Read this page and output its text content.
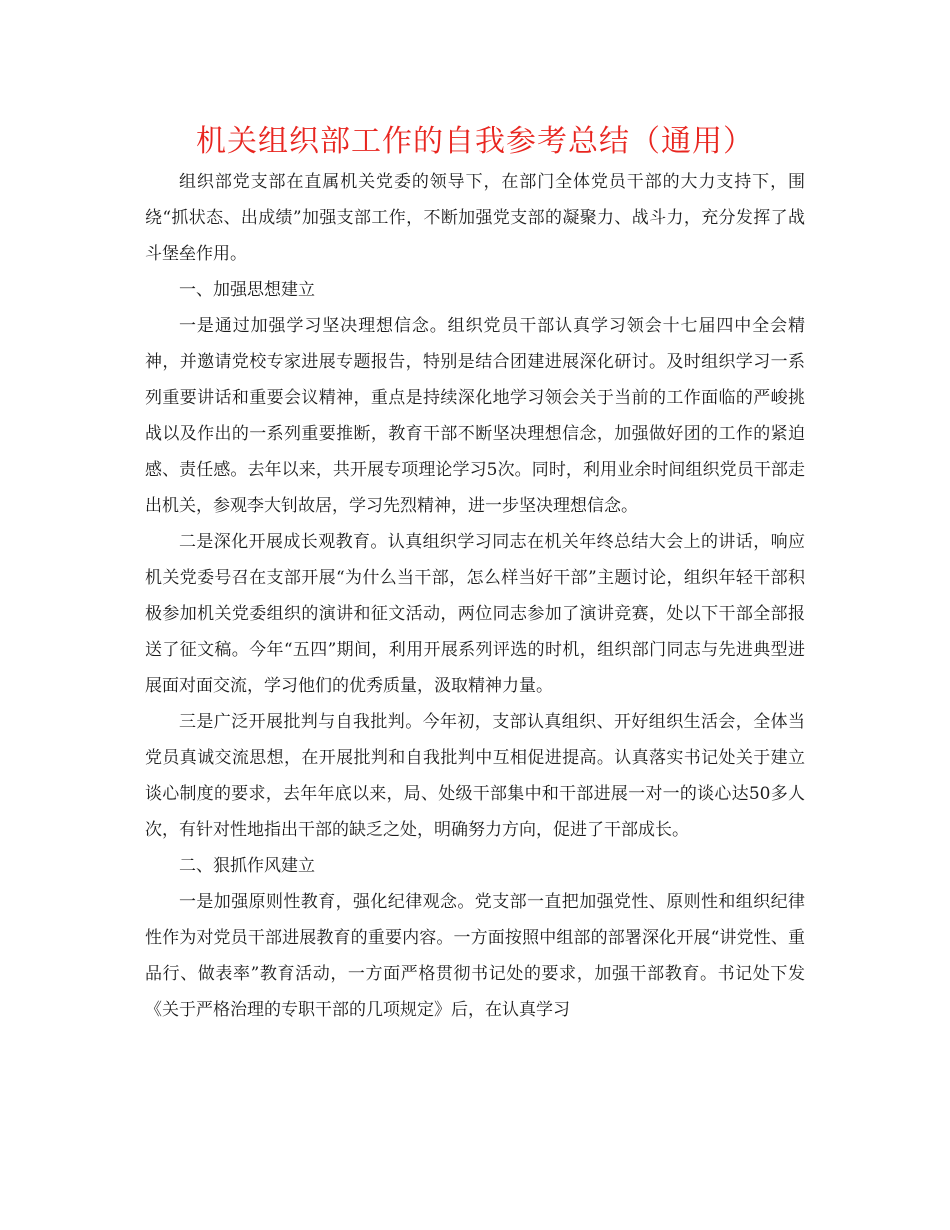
机关组织部工作的自我参考总结（通用）

组织部党支部在直属机关党委的领导下，在部门全体党员干部的大力支持下，围绕“抓状态、出成绩”加强支部工作，不断加强党支部的凝聚力、战斗力，充分发挥了战斗堡垒作用。

一、加强思想建立

一是通过加强学习坚决理想信念。组织党员干部认真学习领会十七届四中全会精神，并邀请党校专家进展专题报告，特别是结合团建进展深化研讨。及时组织学习一系列重要讲话和重要会议精神，重点是持续深化地学习领会关于当前的工作面临的严峻挑战以及作出的一系列重要推断，教育干部不断坚决理想信念，加强做好团的工作的紧迫感、责任感。去年以来，共开展专项理论学习5次。同时，利用业余时间组织党员干部走出机关，参观李大钊故居，学习先烈精神，进一步坚决理想信念。

二是深化开展成长观教育。认真组织学习同志在机关年终总结大会上的讲话，响应机关党委号召在支部开展“为什么当干部，怎么样当好干部”主题讨论，组织年轻干部积极参加机关党委组织的演讲和征文活动，两位同志参加了演讲竞赛，处以下干部全部报送了征文稿。今年“五四”期间，利用开展系列评选的时机，组织部门同志与先进典型进展面对面交流，学习他们的优秀质量，汲取精神力量。

三是广泛开展批判与自我批判。今年初，支部认真组织、开好组织生活会，全体当党员真诚交流思想，在开展批判和自我批判中互相促进提高。认真落实书记处关于建立谈心制度的要求，去年年底以来，局、处级干部集中和干部进展一对一的谈心达50多人次，有针对性地指出干部的缺乏之处，明确努力方向，促进了干部成长。

二、狠抓作风建立

一是加强原则性教育，强化纪律观念。党支部一直把加强党性、原则性和组织纪律性作为对党员干部进展教育的重要内容。一方面按照中组部的部署深化开展“讲党性、重品行、做表率”教育活动，一方面严格贯彻书记处的要求，加强干部教育。书记处下发《关于严格治理的专职干部的几项规定》后，在认真学习
